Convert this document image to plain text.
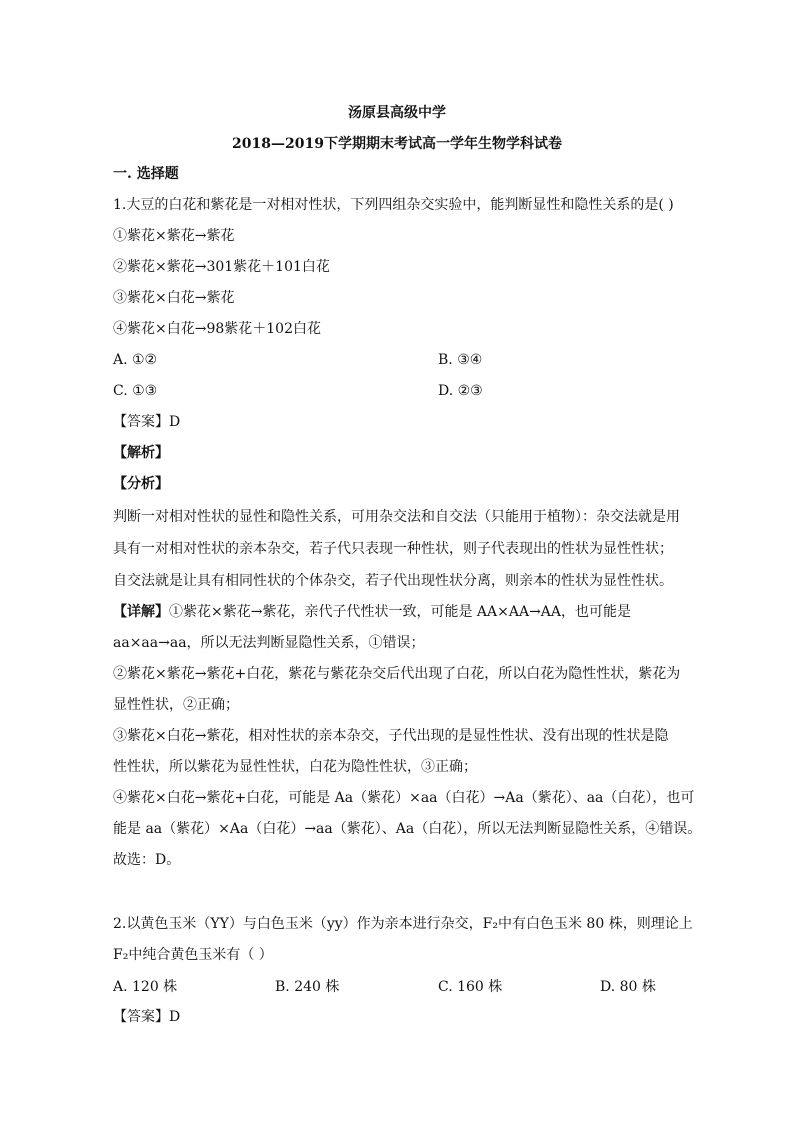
汤原县高级中学
2018—2019下学期期末考试高一学年生物学科试卷
一. 选择题
1.大豆的白花和紫花是一对相对性状，下列四组杂交实验中，能判断显性和隐性关系的是( )
①紫花×紫花→紫花
②紫花×紫花→301紫花＋101白花
③紫花×白花→紫花
④紫花×白花→98紫花＋102白花
A. ①②	B. ③④
C. ①③	D. ②③
【答案】D
【解析】
【分析】
判断一对相对性状的显性和隐性关系，可用杂交法和自交法（只能用于植物）：杂交法就是用
具有一对相对性状的亲本杂交，若子代只表现一种性状，则子代表现出的性状为显性性状；
自交法就是让具有相同性状的个体杂交，若子代出现性状分离，则亲本的性状为显性性状。
【详解】①紫花×紫花→紫花，亲代子代性状一致，可能是 AA×AA→AA，也可能是
aa×aa→aa，所以无法判断显隐性关系，①错误；
②紫花×紫花→紫花+白花，紫花与紫花杂交后代出现了白花，所以白花为隐性性状，紫花为
显性性状，②正确；
③紫花×白花→紫花，相对性状的亲本杂交，子代出现的是显性性状、没有出现的性状是隐
性性状，所以紫花为显性性状，白花为隐性性状，③正确；
④紫花×白花→紫花+白花，可能是 Aa（紫花）×aa（白花）→Aa（紫花）、aa（白花），也可
能是 aa（紫花）×Aa（白花）→aa（紫花）、Aa（白花），所以无法判断显隐性关系，④错误。
故选：D。
2.以黄色玉米（YY）与白色玉米（yy）作为亲本进行杂交，F₂中有白色玉米 80 株，则理论上
F₂中纯合黄色玉米有（ ）
A. 120 株	B. 240 株	C. 160 株	D. 80 株
【答案】D
